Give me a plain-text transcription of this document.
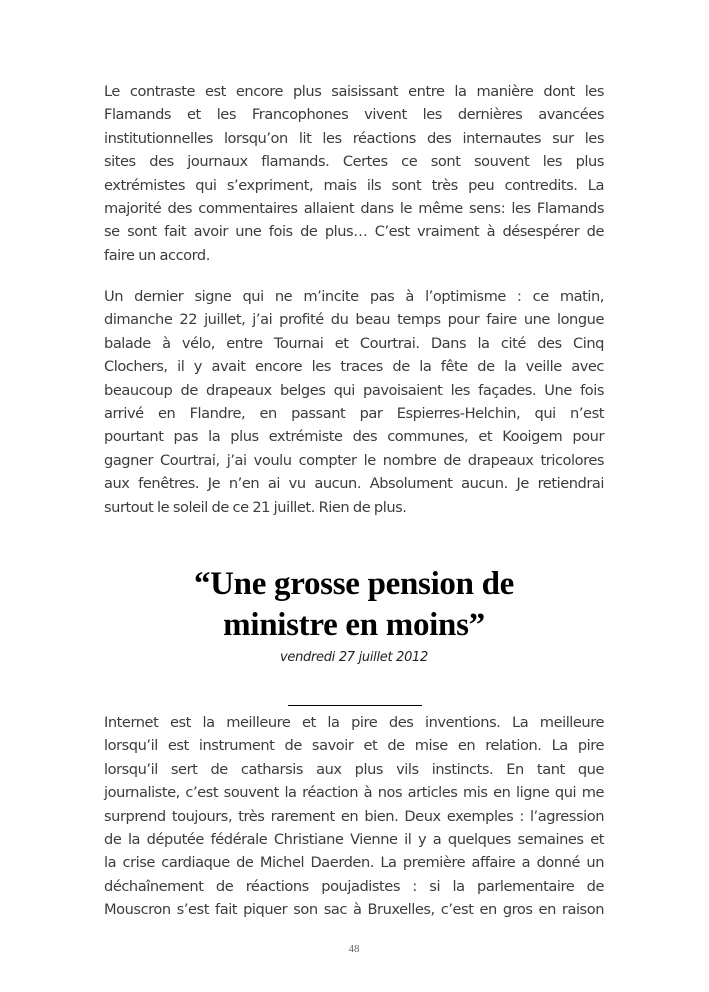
Le contraste est encore plus saisissant entre la manière dont les
Flamands et les Francophones vivent les dernières avancées
institutionnelles lorsqu’on lit les réactions des internautes sur les
sites des journaux flamands. Certes ce sont souvent les plus
extrémistes qui s’expriment, mais ils sont très peu contredits. La
majorité des commentaires allaient dans le même sens: les Flamands
se sont fait avoir une fois de plus… C’est vraiment à désespérer de
faire un accord.
Un dernier signe qui ne m’incite pas à l’optimisme : ce matin,
dimanche 22 juillet, j’ai profité du beau temps pour faire une longue
balade à vélo, entre Tournai et Courtrai. Dans la cité des Cinq
Clochers, il y avait encore les traces de la fête de la veille avec
beaucoup de drapeaux belges qui pavoisaient les façades. Une fois
arrivé en Flandre, en passant par Espierres-Helchin, qui n’est
pourtant pas la plus extrémiste des communes, et Kooigem pour
gagner Courtrai, j’ai voulu compter le nombre de drapeaux tricolores
aux fenêtres. Je n’en ai vu aucun. Absolument aucun. Je retiendrai
surtout le soleil de ce 21 juillet. Rien de plus.
“Une grosse pension de
ministre en moins”
vendredi 27 juillet 2012
Internet est la meilleure et la pire des inventions. La meilleure
lorsqu’il est instrument de savoir et de mise en relation. La pire
lorsqu’il sert de catharsis aux plus vils instincts. En tant que
journaliste, c’est souvent la réaction à nos articles mis en ligne qui me
surprend toujours, très rarement en bien. Deux exemples : l’agression
de la députée fédérale Christiane Vienne il y a quelques semaines et
la crise cardiaque de Michel Daerden. La première affaire a donné un
déchaînement de réactions poujadistes : si la parlementaire de
Mouscron s’est fait piquer son sac à Bruxelles, c’est en gros en raison
48
